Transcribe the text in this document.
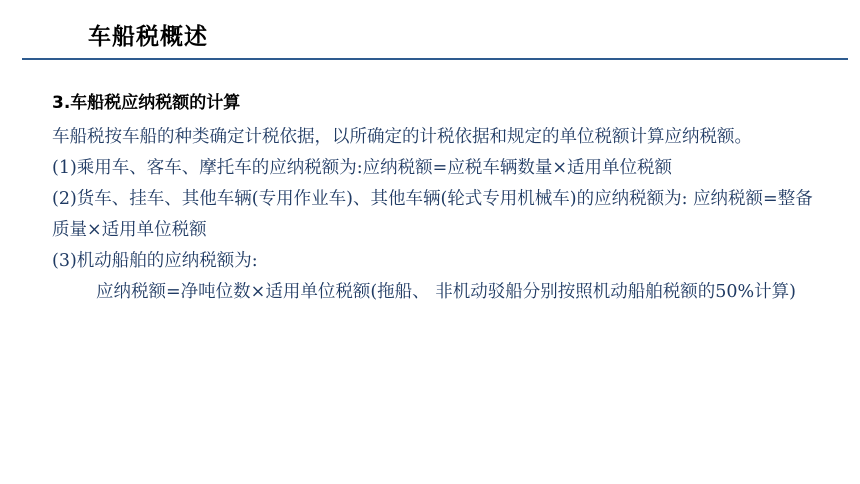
车船税概述

3.车船税应纳税额的计算

车船税按车船的种类确定计税依据，以所确定的计税依据和规定的单位税额计算应纳税额。

(1)乘用车、客车、摩托车的应纳税额为:应纳税额=应税车辆数量×适用单位税额

(2)货车、挂车、其他车辆(专用作业车)、其他车辆(轮式专用机械车)的应纳税额为: 应纳税额=整备质量×适用单位税额

(3)机动船舶的应纳税额为:

应纳税额=净吨位数×适用单位税额(拖船、 非机动驳船分别按照机动船舶税额的50%计算)
